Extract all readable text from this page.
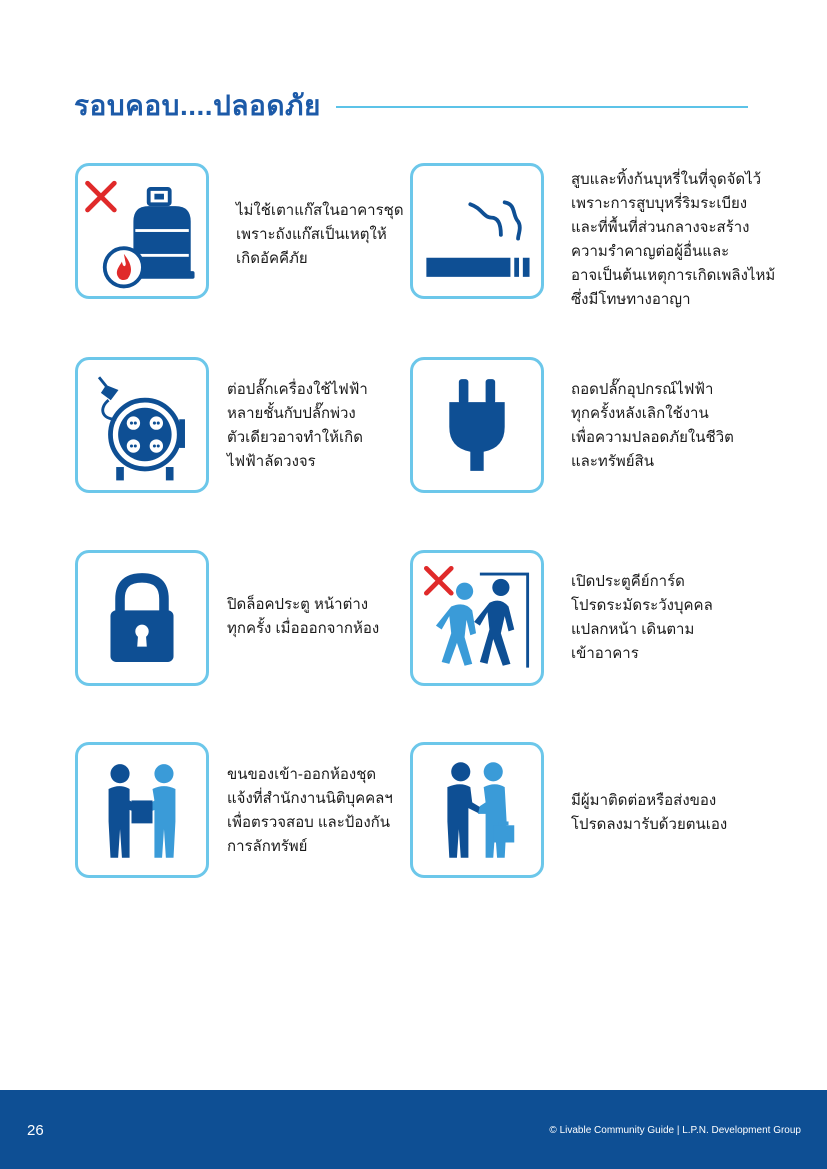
รอบคอบ....ปลอดภัย
ไม่ใช้เตาแก๊สในอาคารชุด
เพราะถังแก๊สเป็นเหตุให้
เกิดอัคคีภัย
สูบและทิ้งก้นบุหรี่ในที่จุดจัดไว้
เพราะการสูบบุหรี่ริมระเบียง
และที่พื้นที่ส่วนกลางจะสร้าง
ความรำคาญต่อผู้อื่นและ
อาจเป็นต้นเหตุการเกิดเพลิงไหม้
ซึ่งมีโทษทางอาญา
ต่อปลั๊กเครื่องใช้ไฟฟ้า
หลายชั้นกับปลั๊กพ่วง
ตัวเดียวอาจทำให้เกิด
ไฟฟ้าลัดวงจร
ถอดปลั๊กอุปกรณ์ไฟฟ้า
ทุกครั้งหลังเลิกใช้งาน
เพื่อความปลอดภัยในชีวิต
และทรัพย์สิน
ปิดล็อคประตู หน้าต่าง
ทุกครั้ง เมื่อออกจากห้อง
เปิดประตูคีย์การ์ด
โปรดระมัดระวังบุคคล
แปลกหน้า เดินตาม
เข้าอาคาร
ขนของเข้า-ออกห้องชุด
แจ้งที่สำนักงานนิติบุคคลฯ
เพื่อตรวจสอบ และป้องกัน
การลักทรัพย์
มีผู้มาติดต่อหรือส่งของ
โปรดลงมารับด้วยตนเอง
26	© Livable Community Guide | L.P.N. Development Group
